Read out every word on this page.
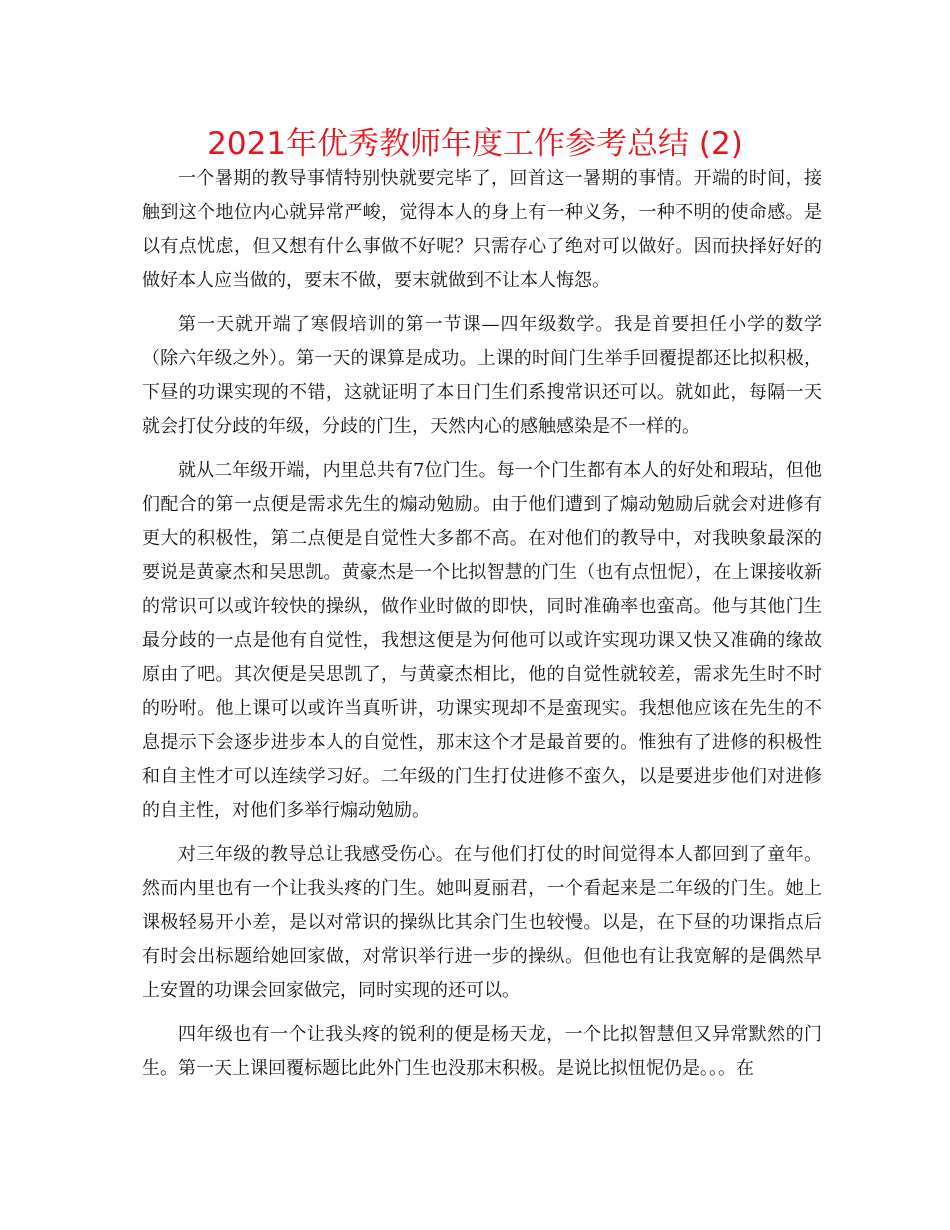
2021年优秀教师年度工作参考总结 (2)

一个暑期的教导事情特别快就要完毕了，回首这一暑期的事情。开端的时间，接触到这个地位内心就异常严峻，觉得本人的身上有一种义务，一种不明的使命感。是以有点忧虑，但又想有什么事做不好呢？只需存心了绝对可以做好。因而抉择好好的做好本人应当做的，要末不做，要末就做到不让本人悔怨。

第一天就开端了寒假培训的第一节课—四年级数学。我是首要担任小学的数学（除六年级之外）。第一天的课算是成功。上课的时间门生举手回覆提都还比拟积极，下昼的功课实现的不错，这就证明了本日门生们系搜常识还可以。就如此，每隔一天就会打仗分歧的年级，分歧的门生，天然内心的感触感染是不一样的。

就从二年级开端，内里总共有7位门生。每一个门生都有本人的好处和瑕玷，但他们配合的第一点便是需求先生的煽动勉励。由于他们遭到了煽动勉励后就会对进修有更大的积极性，第二点便是自觉性大多都不高。在对他们的教导中，对我映象最深的要说是黄豪杰和吴思凯。黄豪杰是一个比拟智慧的门生（也有点忸怩），在上课接收新的常识可以或许较快的操纵，做作业时做的即快，同时准确率也蛮高。他与其他门生最分歧的一点是他有自觉性，我想这便是为何他可以或许实现功课又快又准确的缘故原由了吧。其次便是吴思凯了，与黄豪杰相比，他的自觉性就较差，需求先生时不时的吩咐。他上课可以或许当真听讲，功课实现却不是蛮现实。我想他应该在先生的不息提示下会逐步进步本人的自觉性，那末这个才是最首要的。惟独有了进修的积极性和自主性才可以连续学习好。二年级的门生打仗进修不蛮久，以是要进步他们对进修的自主性，对他们多举行煽动勉励。

对三年级的教导总让我感受伤心。在与他们打仗的时间觉得本人都回到了童年。然而内里也有一个让我头疼的门生。她叫夏丽君，一个看起来是二年级的门生。她上课极轻易开小差，是以对常识的操纵比其余门生也较慢。以是，在下昼的功课指点后有时会出标题给她回家做，对常识举行进一步的操纵。但他也有让我宽解的是偶然早上安置的功课会回家做完，同时实现的还可以。

四年级也有一个让我头疼的锐利的便是杨天龙，一个比拟智慧但又异常默然的门生。第一天上课回覆标题比此外门生也没那末积极。是说比拟忸怩仍是。。。在
